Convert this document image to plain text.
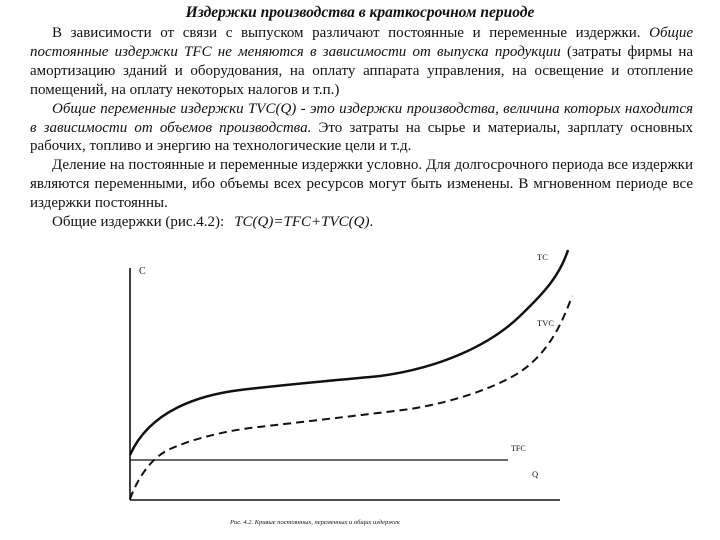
Издержки производства в краткосрочном периоде

В зависимости от связи с выпуском различают постоянные и переменные издержки. Общие постоянные издержки TFC не меняются в зависимости от выпуска продукции (затраты фирмы на амортизацию зданий и оборудования, на оплату аппарата управления, на освещение и отопление помещений, на оплату некоторых налогов и т.п.)

Общие переменные издержки TVC(Q) - это издержки производства, величина которых находится в зависимости от объемов производства. Это затраты на сырье и материалы, зарплату основных рабочих, топливо и энергию на технологические цели и т.д.

Деление на постоянные и переменные издержки условно. Для долгосрочного периода все издержки являются переменными, ибо объемы всех ресурсов могут быть изменены. В мгновенном периоде все издержки постоянны.

Общие издержки (рис.4.2): TC(Q)=TFC+TVC(Q).

C
TC
TVC
TFC
Q
Рис. 4.2. Кривые постоянных, переменных и общих издержек
